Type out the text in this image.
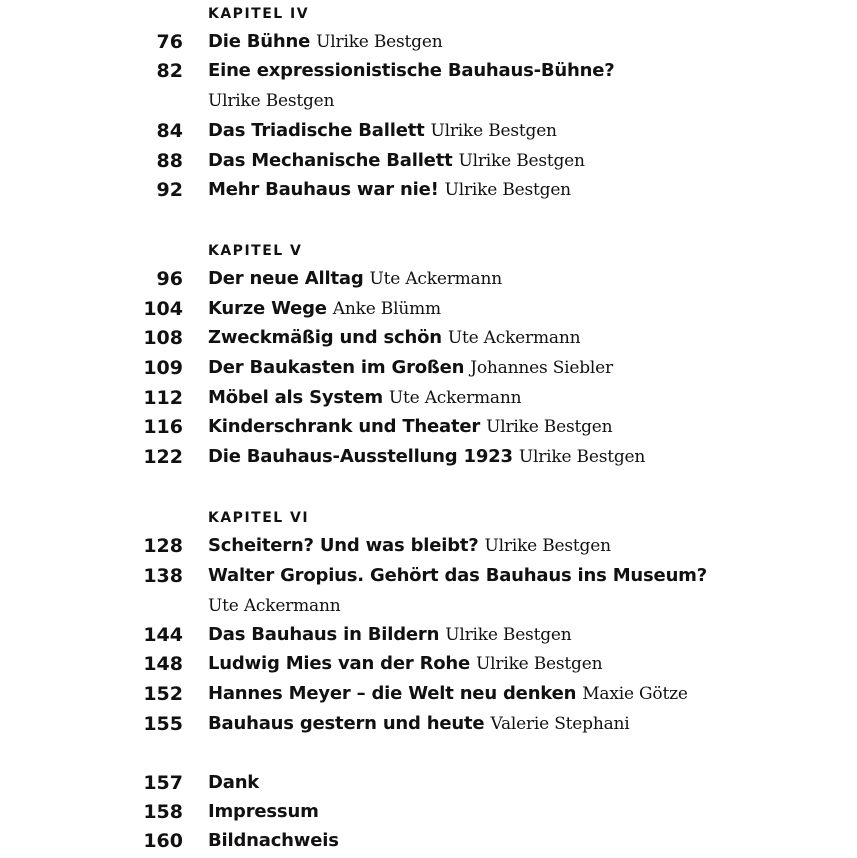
KAPITEL IV
76 Die Bühne Ulrike Bestgen
82 Eine expressionistische Bauhaus-Bühne?
Ulrike Bestgen
84 Das Triadische Ballett Ulrike Bestgen
88 Das Mechanische Ballett Ulrike Bestgen
92 Mehr Bauhaus war nie! Ulrike Bestgen
KAPITEL V
96 Der neue Alltag Ute Ackermann
104 Kurze Wege Anke Blümm
108 Zweckmäßig und schön Ute Ackermann
109 Der Baukasten im Großen Johannes Siebler
112 Möbel als System Ute Ackermann
116 Kinderschrank und Theater Ulrike Bestgen
122 Die Bauhaus-Ausstellung 1923 Ulrike Bestgen
KAPITEL VI
128 Scheitern? Und was bleibt? Ulrike Bestgen
138 Walter Gropius. Gehört das Bauhaus ins Museum?
Ute Ackermann
144 Das Bauhaus in Bildern Ulrike Bestgen
148 Ludwig Mies van der Rohe Ulrike Bestgen
152 Hannes Meyer – die Welt neu denken Maxie Götze
155 Bauhaus gestern und heute Valerie Stephani
157 Dank
158 Impressum
160 Bildnachweis
